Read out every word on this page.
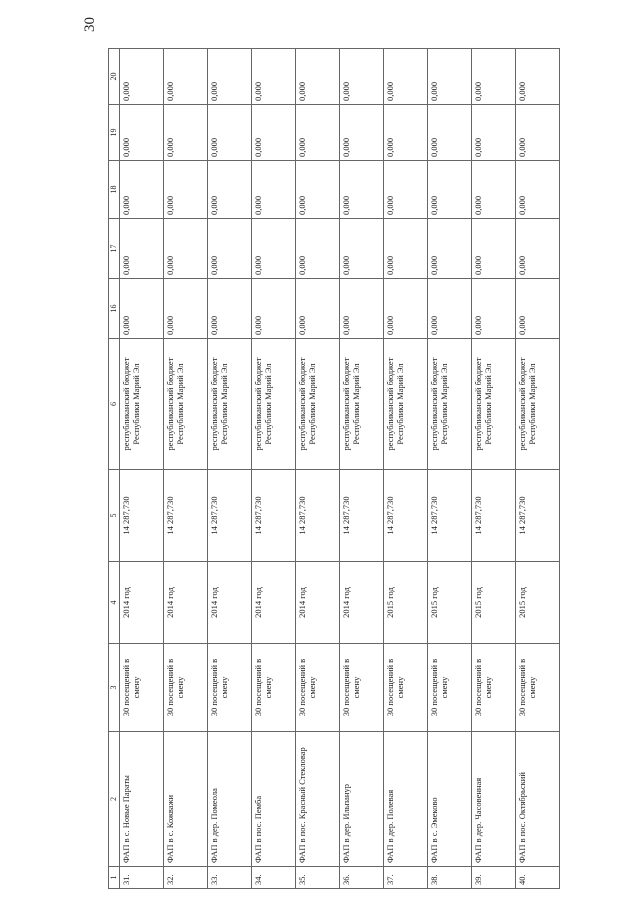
30
1	2	3	4	5	6	16	17	18	19	20
31.	ФАП в с. Новые Параты	30 посещений в смену	2014 год	14 287,730	республиканский бюджет Республики Марий Эл	0,000	0,000	0,000	0,000	0,000
32.	ФАП в с. Кожважи	30 посещений в смену	2014 год	14 287,730	республиканский бюджет Республики Марий Эл	0,000	0,000	0,000	0,000	0,000
33.	ФАП в дер. Помеола	30 посещений в смену	2014 год	14 287,730	республиканский бюджет Республики Марий Эл	0,000	0,000	0,000	0,000	0,000
34.	ФАП в пос. Пемба	30 посещений в смену	2014 год	14 287,730	республиканский бюджет Республики Марий Эл	0,000	0,000	0,000	0,000	0,000
35.	ФАП в пос. Красный Стекловар	30 посещений в смену	2014 год	14 287,730	республиканский бюджет Республики Марий Эл	0,000	0,000	0,000	0,000	0,000
36.	ФАП в дер. Ильпанур	30 посещений в смену	2014 год	14 287,730	республиканский бюджет Республики Марий Эл	0,000	0,000	0,000	0,000	0,000
37.	ФАП в дер. Полевая	30 посещений в смену	2015 год	14 287,730	республиканский бюджет Республики Марий Эл	0,000	0,000	0,000	0,000	0,000
38.	ФАП в с. Эмеково	30 посещений в смену	2015 год	14 287,730	республиканский бюджет Республики Марий Эл	0,000	0,000	0,000	0,000	0,000
39.	ФАП в дер. Часовенная	30 посещений в смену	2015 год	14 287,730	республиканский бюджет Республики Марий Эл	0,000	0,000	0,000	0,000	0,000
40.	ФАП в пос. Октябрьский	30 посещений в смену	2015 год	14 287,730	республиканский бюджет Республики Марий Эл	0,000	0,000	0,000	0,000	0,000
